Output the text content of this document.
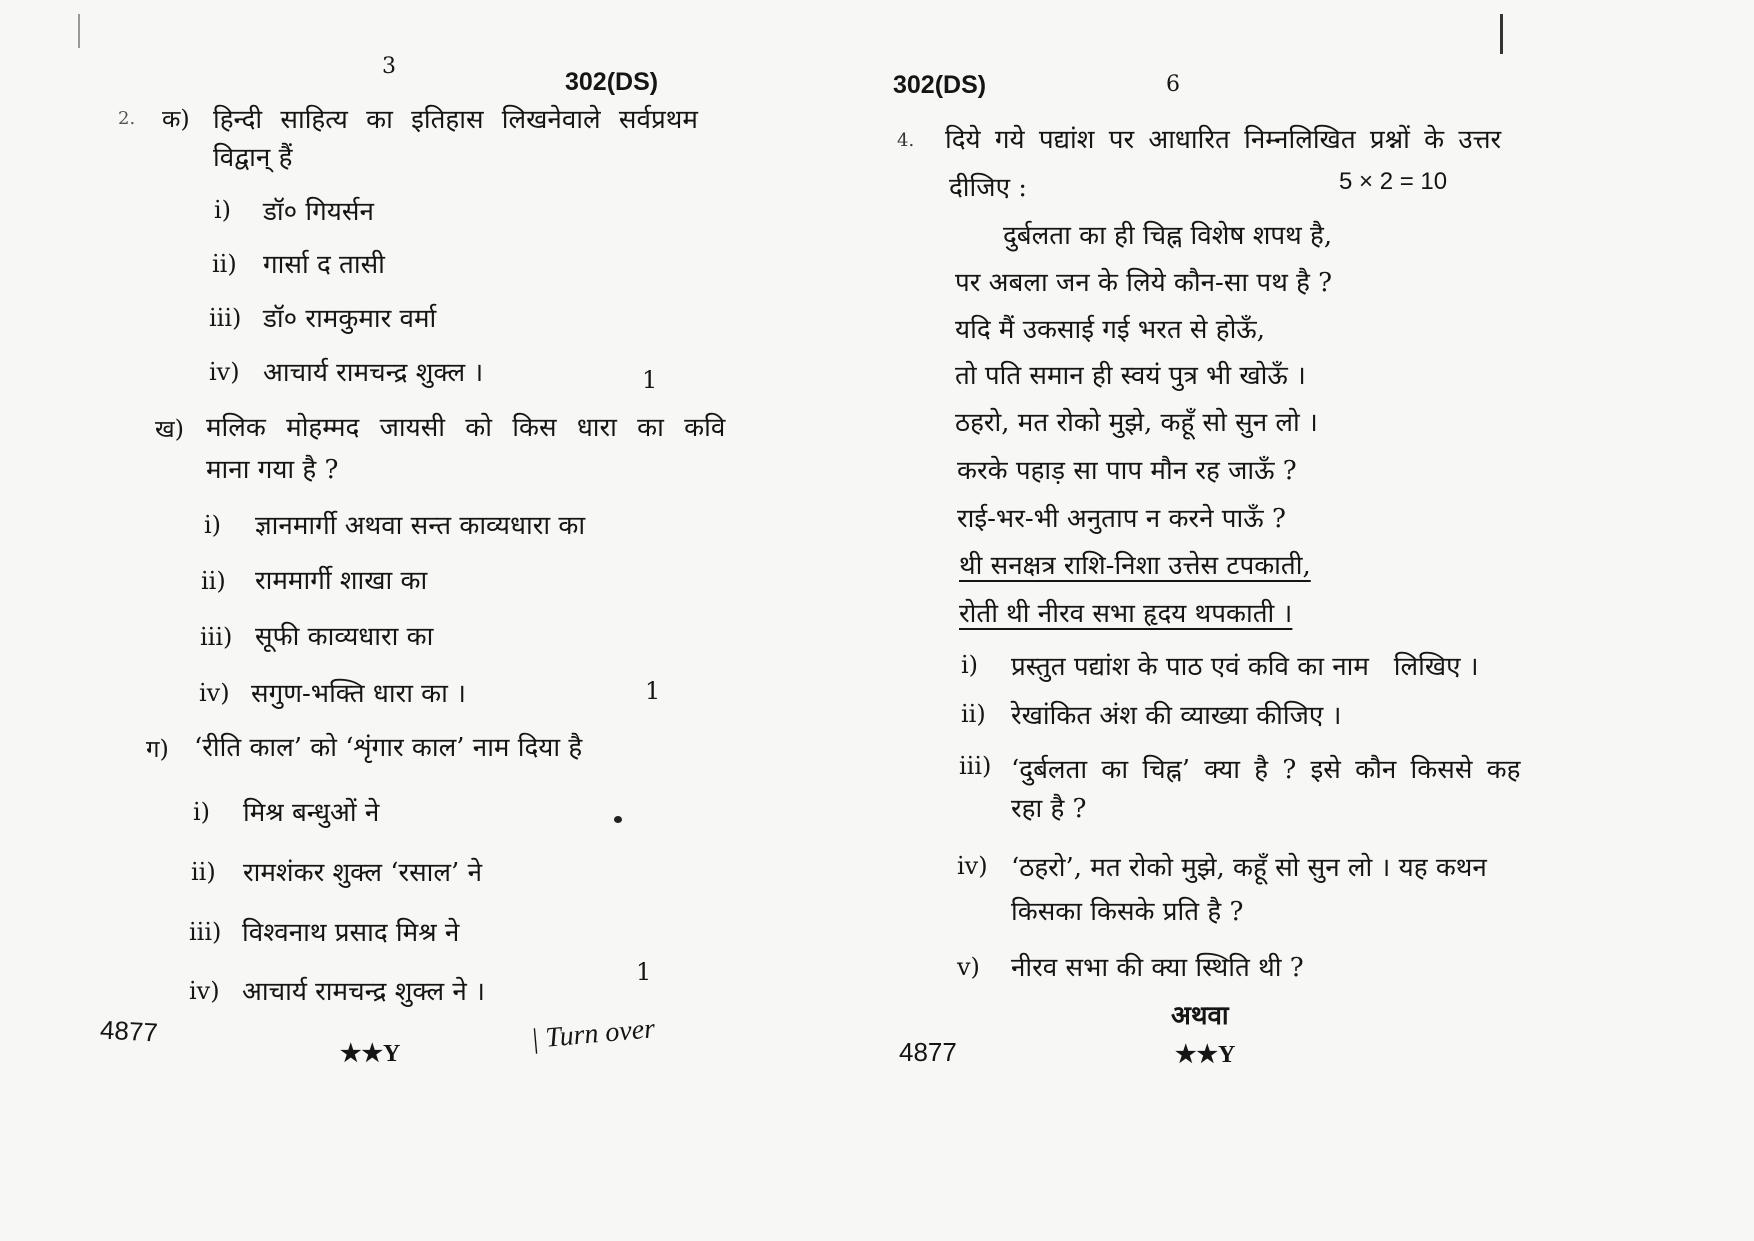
3
302(DS)
2. क) हिन्दी साहित्य का इतिहास लिखनेवाले सर्वप्रथम
विद्वान् हैं
i) डॉ० गियर्सन
ii) गार्सा द तासी
iii) डॉ० रामकुमार वर्मा
iv) आचार्य रामचन्द्र शुक्ल ।	1
ख) मलिक मोहम्मद जायसी को किस धारा का कवि
माना गया है ?
i) ज्ञानमार्गी अथवा सन्त काव्यधारा का
ii) राममार्गी शाखा का
iii) सूफी काव्यधारा का
iv) सगुण-भक्ति धारा का ।	1
ग) ‘रीति काल’ को ‘शृंगार काल’ नाम दिया है
i) मिश्र बन्धुओं ने
ii) रामशंकर शुक्ल ‘रसाल’ ने
iii) विश्वनाथ प्रसाद मिश्र ने
iv) आचार्य रामचन्द्र शुक्ल ने ।
1
4877
★★Y	| Turn over
302(DS)	6
4. दिये गये पद्यांश पर आधारित निम्नलिखित प्रश्नों के उत्तर
दीजिए :	5 × 2 = 10
दुर्बलता का ही चिह्न विशेष शपथ है,
पर अबला जन के लिये कौन-सा पथ है ?
यदि मैं उकसाई गई भरत से होऊँ,
तो पति समान ही स्वयं पुत्र भी खोऊँ ।
ठहरो, मत रोको मुझे, कहूँ सो सुन लो ।
करके पहाड़ सा पाप मौन रह जाऊँ ?
राई-भर-भी अनुताप न करने पाऊँ ?
थी सनक्षत्र राशि-निशा उत्तेस टपकाती,
रोती थी नीरव सभा हृदय थपकाती ।
i) प्रस्तुत पद्यांश के पाठ एवं कवि का नाम   लिखिए ।
ii) रेखांकित अंश की व्याख्या कीजिए ।
iii) ‘दुर्बलता का चिह्न’ क्या है ? इसे कौन किससे कह
रहा है ?
iv) ‘ठहरो’, मत रोको मुझे, कहूँ सो सुन लो । यह कथन
किसका किसके प्रति है ?
v) नीरव सभा की क्या स्थिति थी ?
अथवा
4877	★★Y
